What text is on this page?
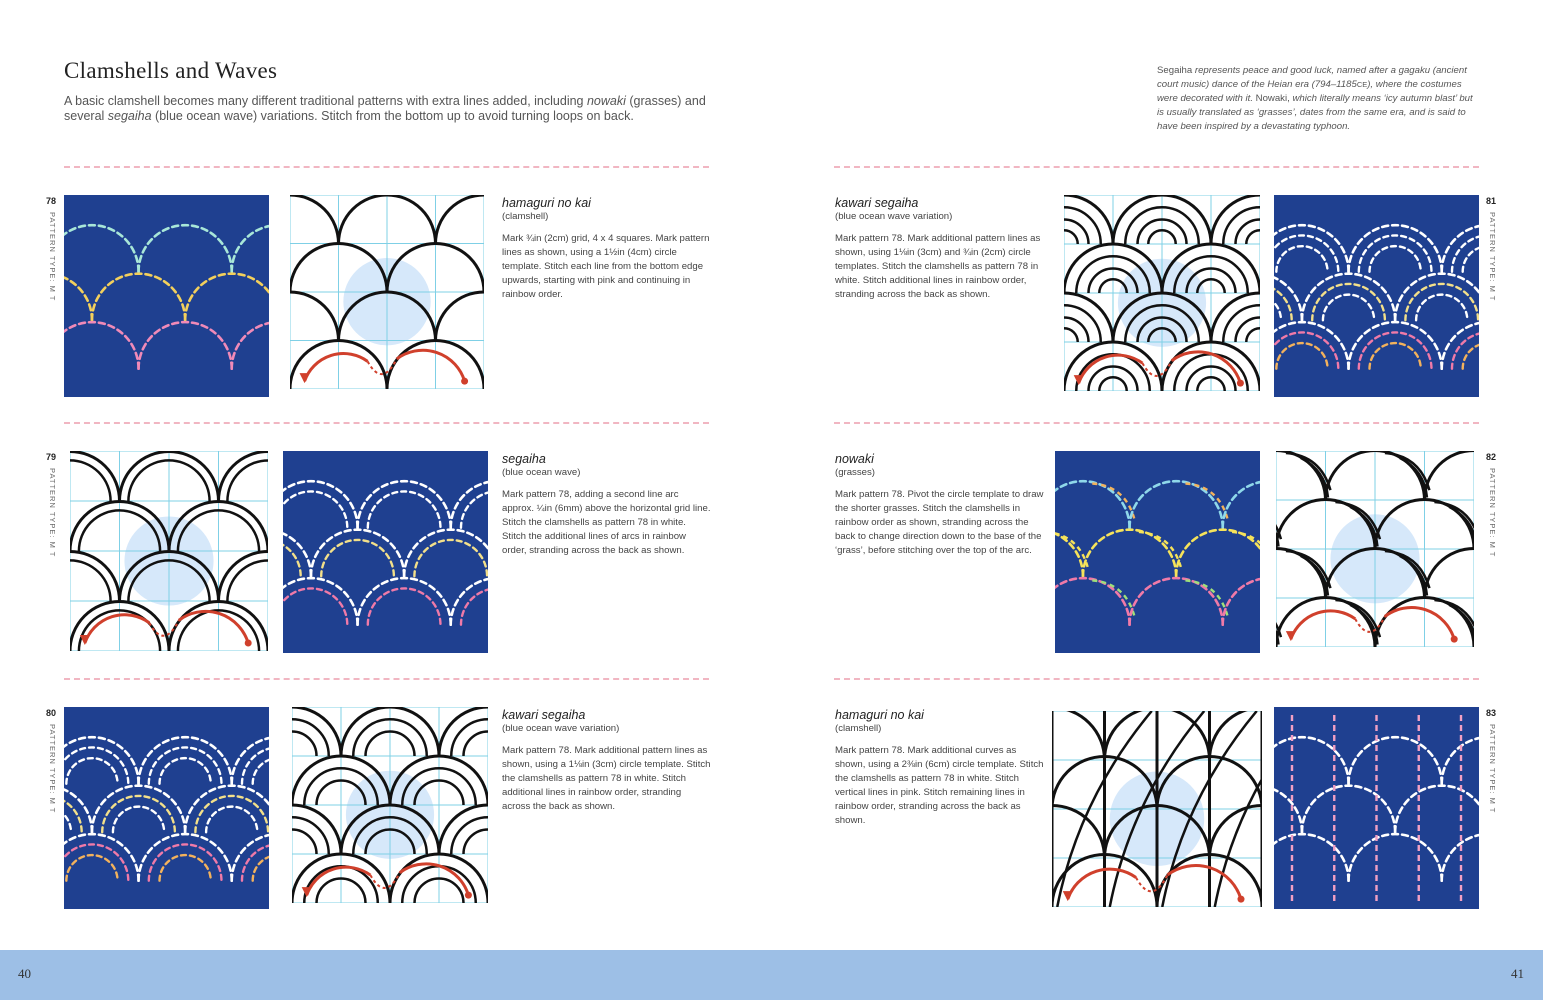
Clamshells and Waves

A basic clamshell becomes many different traditional patterns with extra lines added, including nowaki (grasses) and several segaiha (blue ocean wave) variations. Stitch from the bottom up to avoid turning loops on back.

Segaiha represents peace and good luck, named after a gagaku (ancient court music) dance of the Heian era (794–1185CE), where the costumes were decorated with it. Nowaki, which literally means ‘icy autumn blast’ but is usually translated as ‘grasses’, dates from the same era, and is said to have been inspired by a devastating typhoon.

78
PATTERN TYPE: M T
hamaguri no kai
(clamshell)
Mark ¾in (2cm) grid, 4 x 4 squares. Mark pattern lines as shown, using a 1½in (4cm) circle template. Stitch each line from the bottom edge upwards, starting with pink and continuing in rainbow order.
79
PATTERN TYPE: M T
segaiha
(blue ocean wave)
Mark pattern 78, adding a second line arc approx. ¼in (6mm) above the horizontal grid line. Stitch the clamshells as pattern 78 in white. Stitch the additional lines of arcs in rainbow order, stranding across the back as shown.
80
PATTERN TYPE: M T
kawari segaiha
(blue ocean wave variation)
Mark pattern 78. Mark additional pattern lines as shown, using a 1⅛in (3cm) circle template. Stitch the clamshells as pattern 78 in white. Stitch additional lines in rainbow order, stranding across the back as shown.
kawari segaiha
(blue ocean wave variation)
Mark pattern 78. Mark additional pattern lines as shown, using 1⅛in (3cm) and ¾in (2cm) circle templates. Stitch the clamshells as pattern 78 in white. Stitch additional lines in rainbow order, stranding across the back as shown.
81
PATTERN TYPE: M T
nowaki
(grasses)
Mark pattern 78. Pivot the circle template to draw the shorter grasses. Stitch the clamshells in rainbow order as shown, stranding across the back to change direction down to the base of the ‘grass’, before stitching over the top of the arc.
82
PATTERN TYPE: M T
hamaguri no kai
(clamshell)
Mark pattern 78. Mark additional curves as shown, using a 2⅜in (6cm) circle template. Stitch the clamshells as pattern 78 in white. Stitch vertical lines in pink. Stitch remaining lines in rainbow order, stranding across the back as shown.
83
PATTERN TYPE: M T
40	41
